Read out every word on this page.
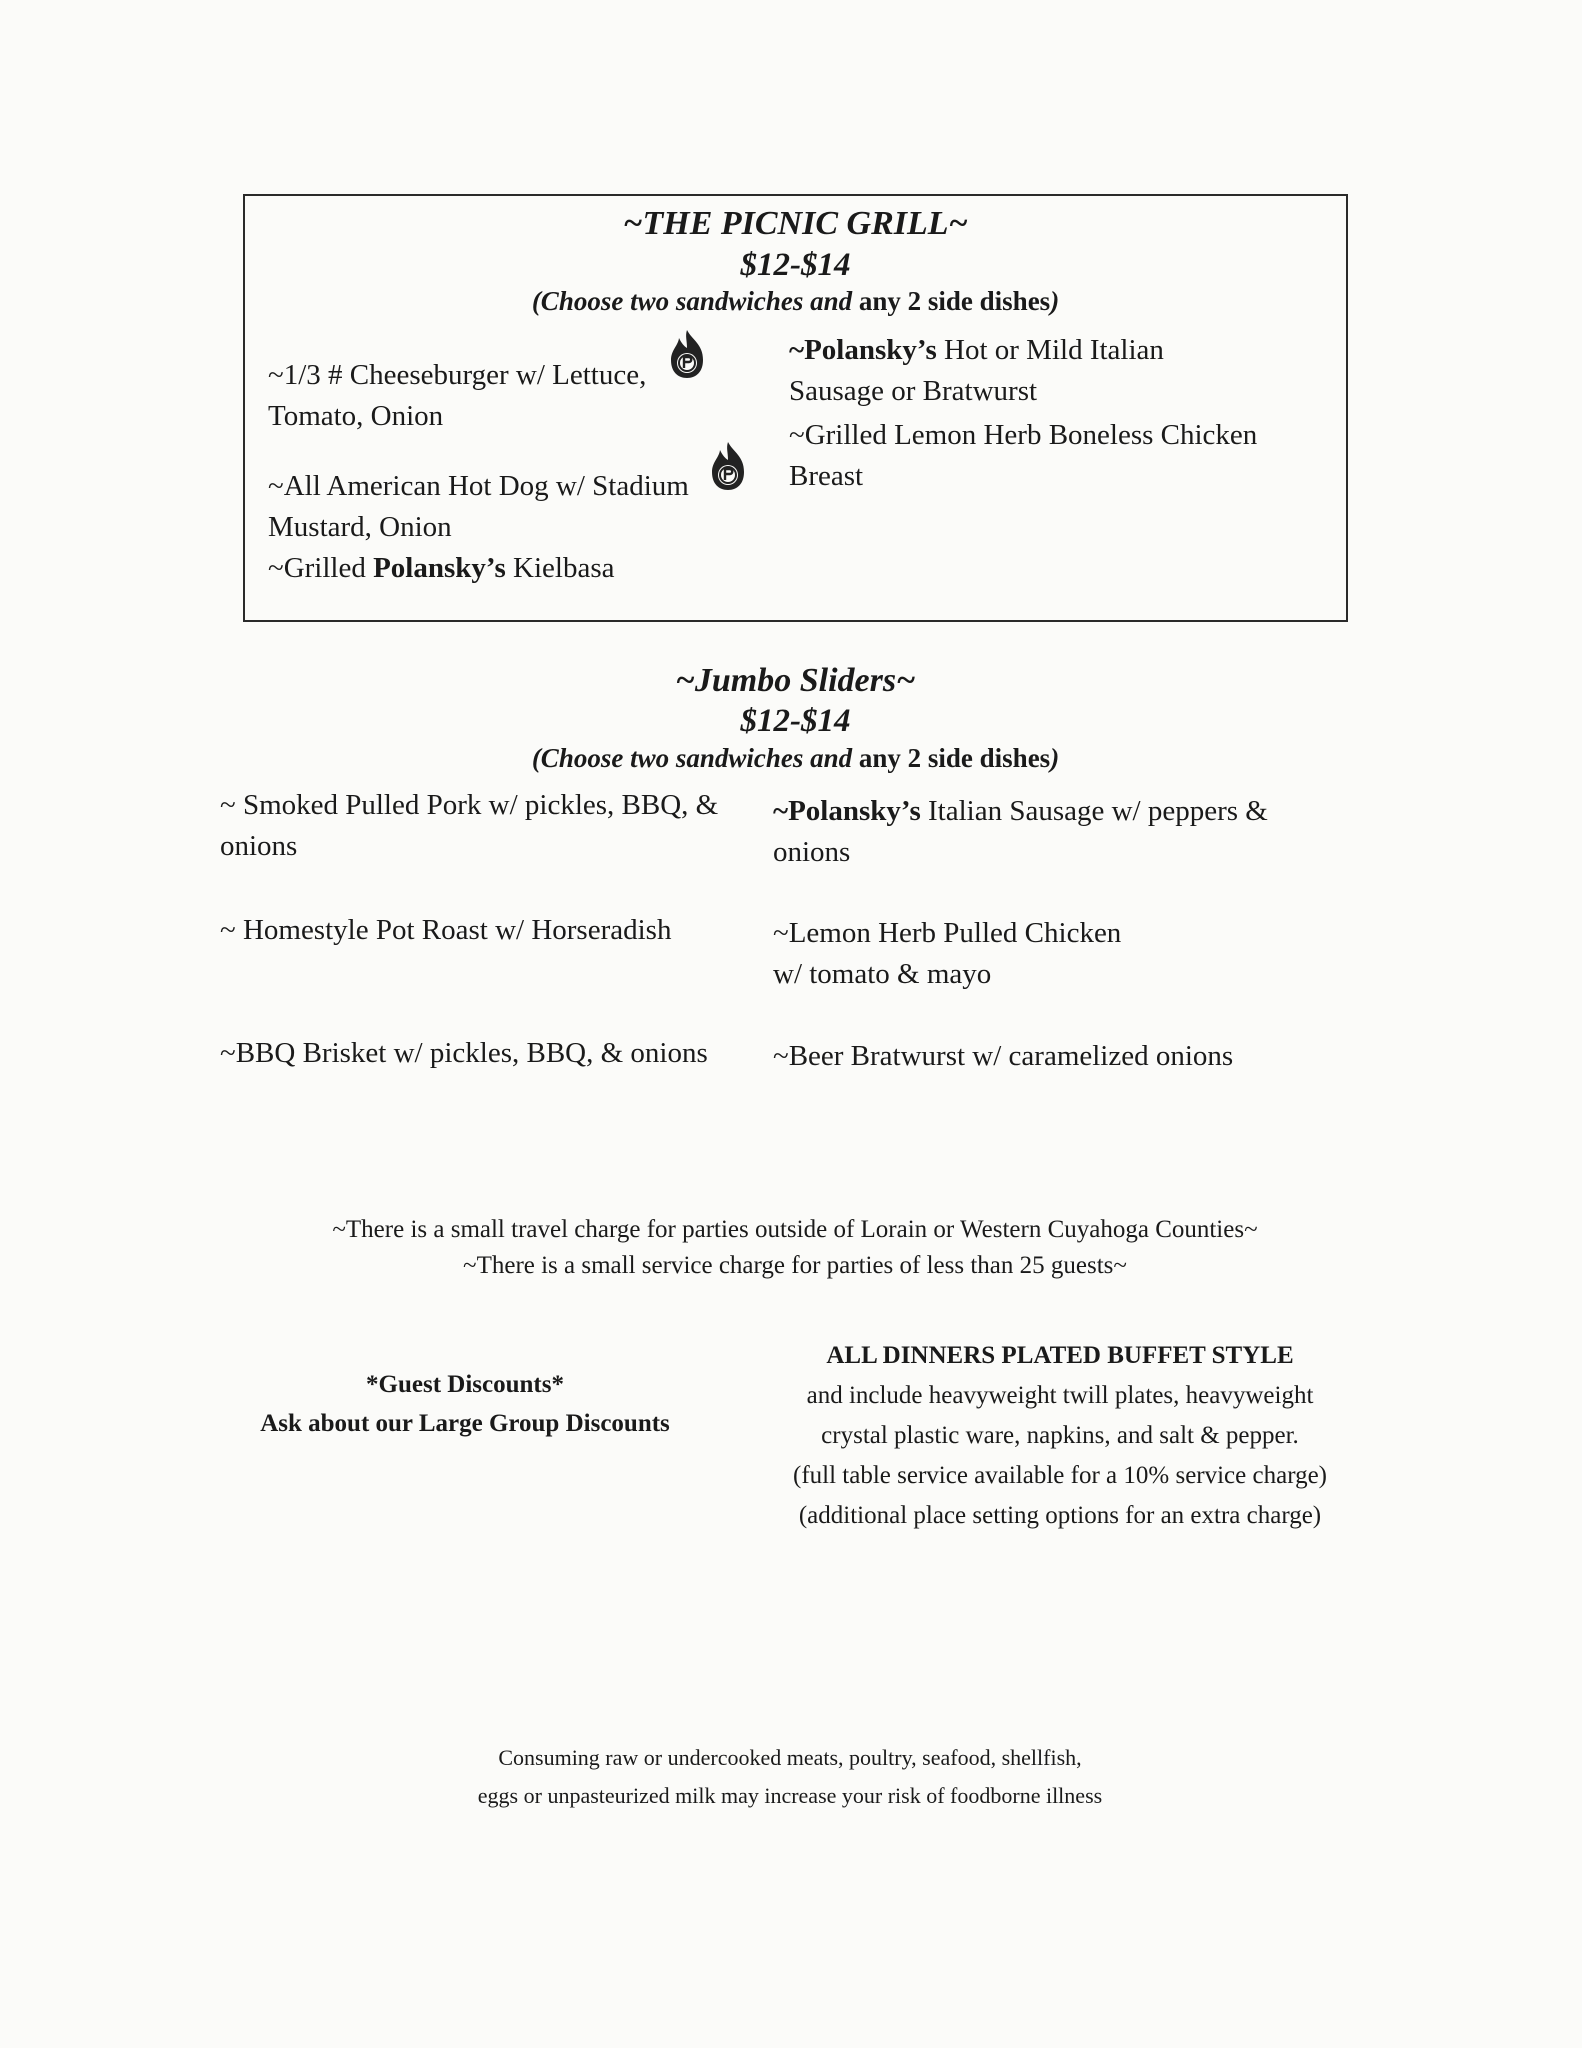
~THE PICNIC GRILL~
$12-$14
(Choose two sandwiches and any 2 side dishes)
~1/3 # Cheeseburger w/ Lettuce,
Tomato, Onion
~All American Hot Dog w/ Stadium
Mustard, Onion
~Grilled Polansky’s Kielbasa
~Polansky’s Hot or Mild Italian
Sausage or Bratwurst
~Grilled Lemon Herb Boneless Chicken
Breast
~Jumbo Sliders~
$12-$14
(Choose two sandwiches and any 2 side dishes)
~ Smoked Pulled Pork w/ pickles, BBQ, &
onions
~ Homestyle Pot Roast w/ Horseradish
~BBQ Brisket w/ pickles, BBQ, & onions
~Polansky’s Italian Sausage w/ peppers &
onions
~Lemon Herb Pulled Chicken
w/ tomato & mayo
~Beer Bratwurst w/ caramelized onions
~There is a small travel charge for parties outside of Lorain or Western Cuyahoga Counties~
~There is a small service charge for parties of less than 25 guests~
*Guest Discounts*
Ask about our Large Group Discounts
ALL DINNERS PLATED BUFFET STYLE
and include heavyweight twill plates, heavyweight
crystal plastic ware, napkins, and salt & pepper.
(full table service available for a 10% service charge)
(additional place setting options for an extra charge)
Consuming raw or undercooked meats, poultry, seafood, shellfish,
eggs or unpasteurized milk may increase your risk of foodborne illness
